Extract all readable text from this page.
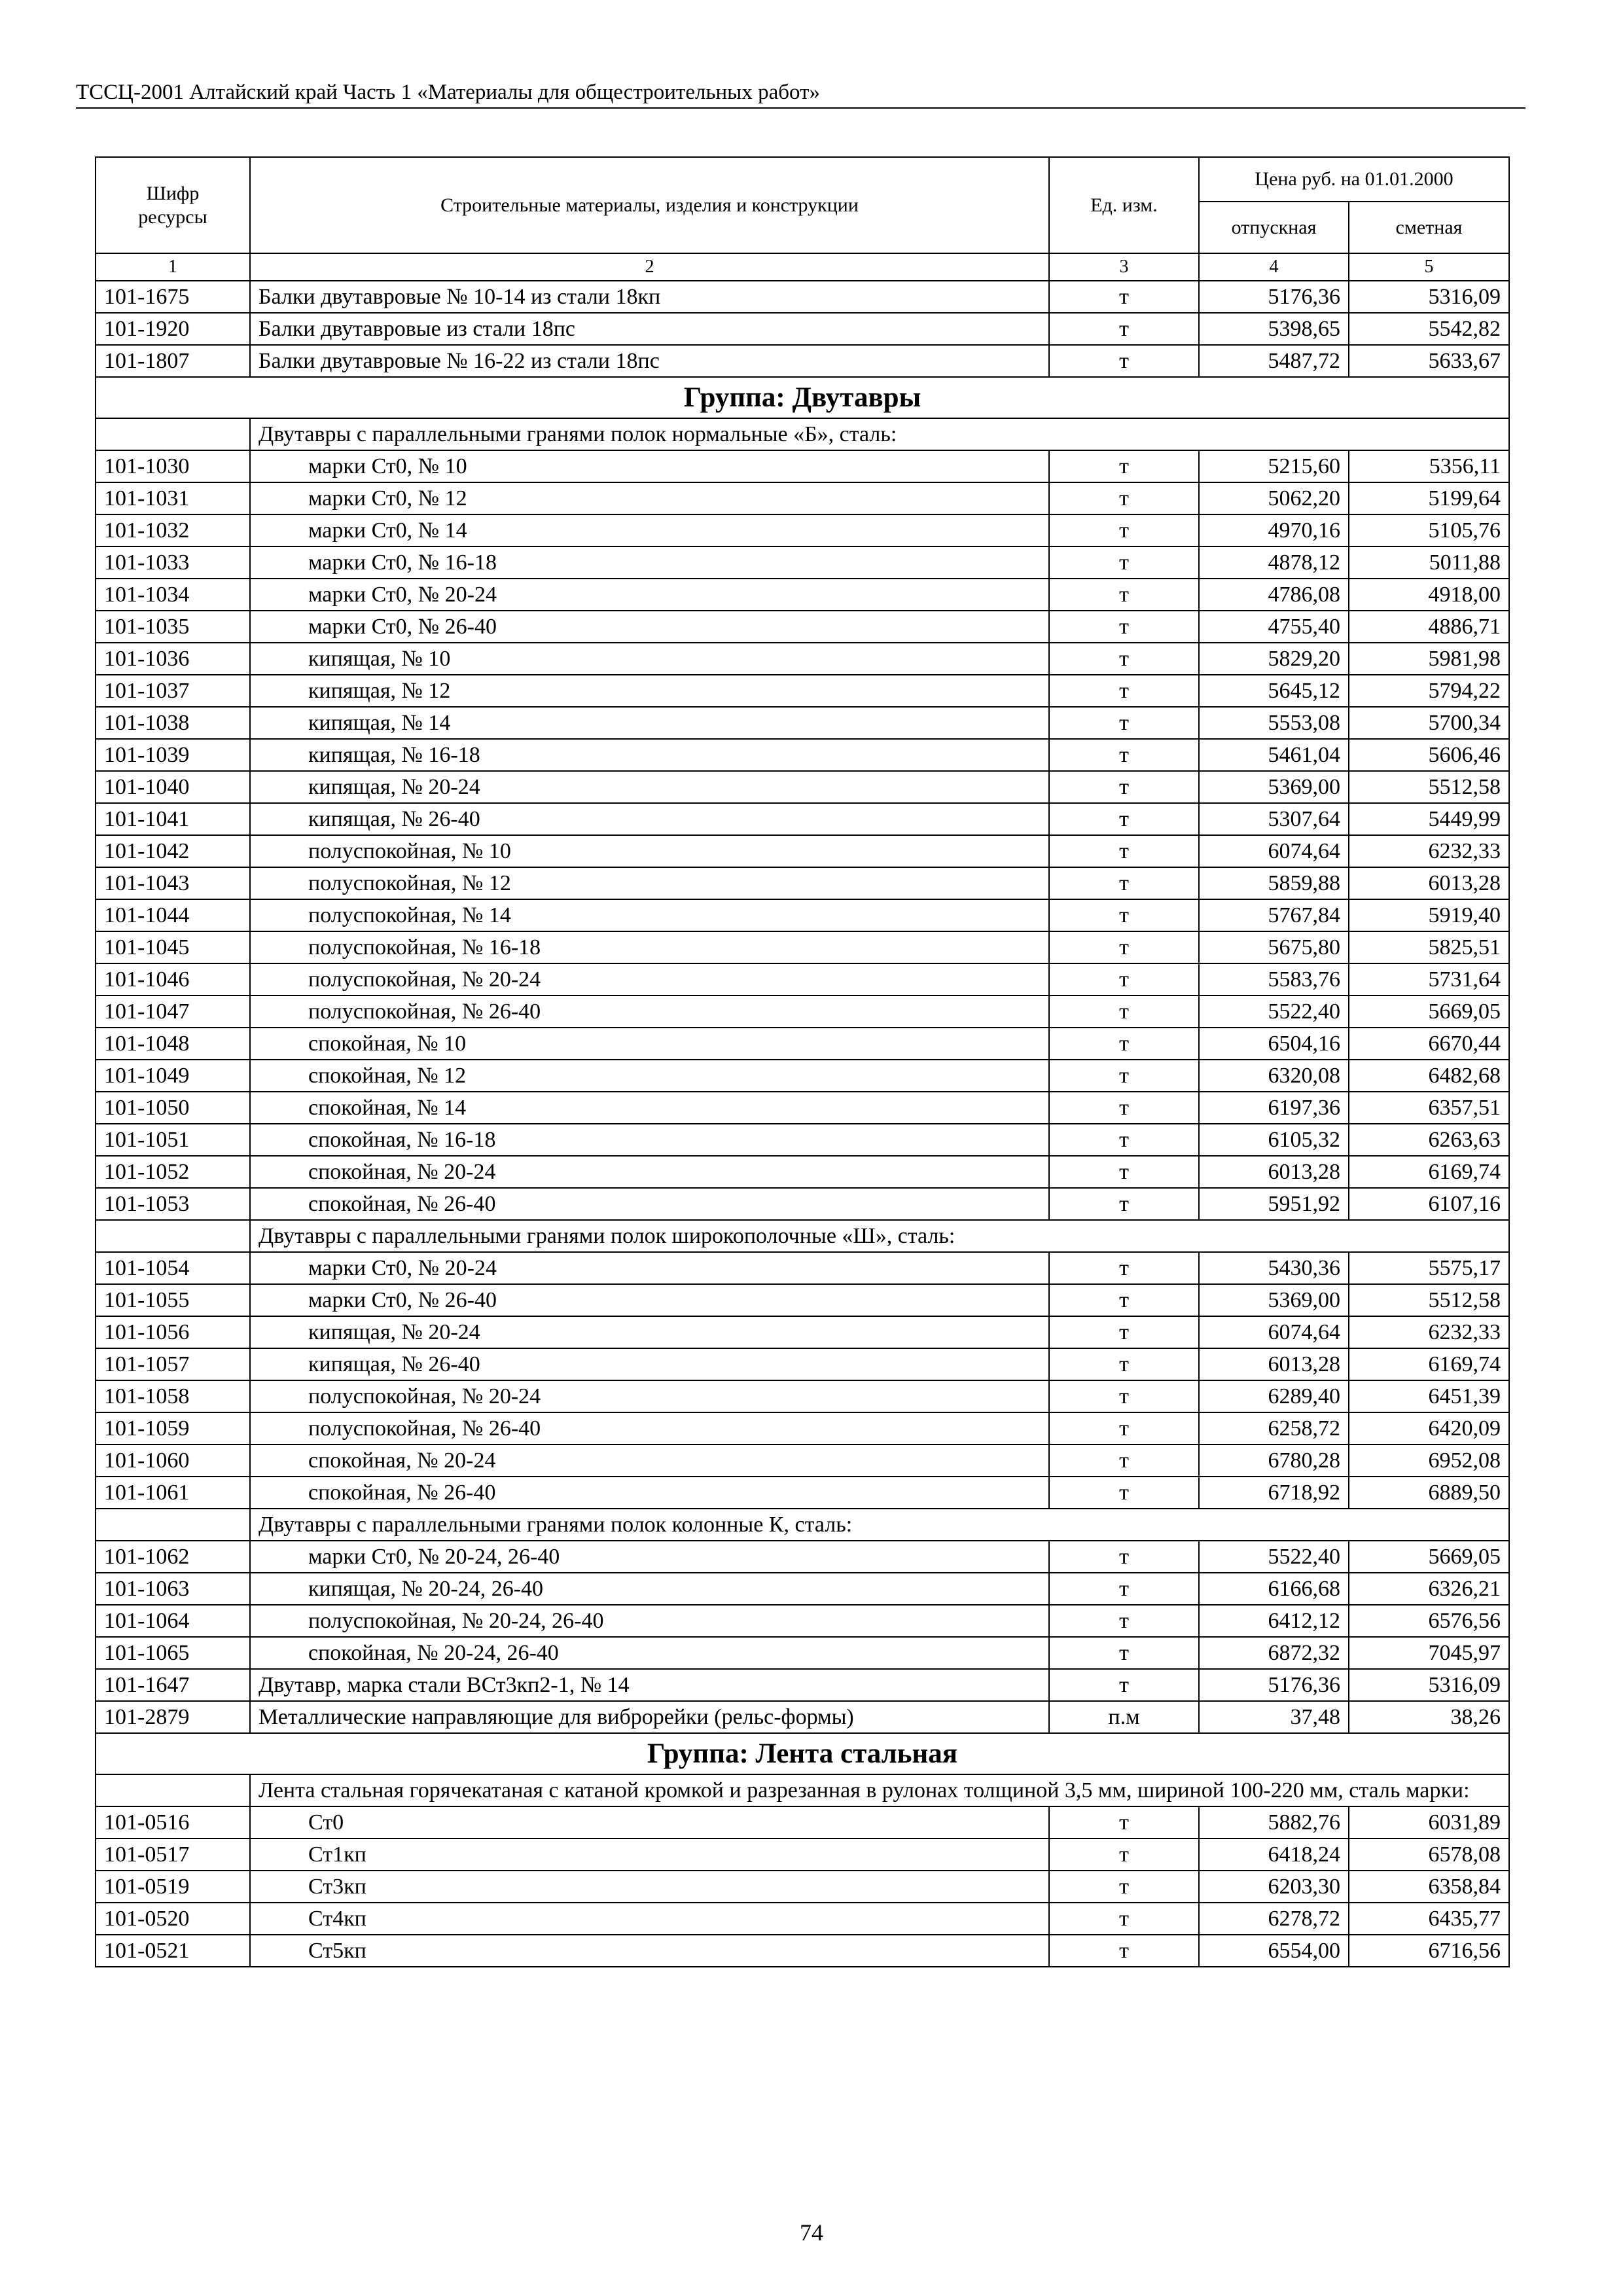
ТССЦ-2001 Алтайский край Часть 1 «Материалы для общестроительных работ»
Шифр ресурсы	Строительные материалы, изделия и конструкции	Ед. изм.	Цена руб. на 01.01.2000	
			отпускная	сметная
1	2	3	4	5
101-1675	Балки двутавровые № 10-14 из стали 18кп	т	5176,36	5316,09
101-1920	Балки двутавровые из стали 18пс	т	5398,65	5542,82
101-1807	Балки двутавровые № 16-22 из стали 18пс	т	5487,72	5633,67
Группа: Двутавры				
	Двутавры с параллельными гранями полок нормальные «Б», сталь:			
101-1030	марки Ст0, № 10	т	5215,60	5356,11
101-1031	марки Ст0, № 12	т	5062,20	5199,64
101-1032	марки Ст0, № 14	т	4970,16	5105,76
101-1033	марки Ст0, № 16-18	т	4878,12	5011,88
101-1034	марки Ст0, № 20-24	т	4786,08	4918,00
101-1035	марки Ст0, № 26-40	т	4755,40	4886,71
101-1036	кипящая, № 10	т	5829,20	5981,98
101-1037	кипящая, № 12	т	5645,12	5794,22
101-1038	кипящая, № 14	т	5553,08	5700,34
101-1039	кипящая, № 16-18	т	5461,04	5606,46
101-1040	кипящая, № 20-24	т	5369,00	5512,58
101-1041	кипящая, № 26-40	т	5307,64	5449,99
101-1042	полуспокойная, № 10	т	6074,64	6232,33
101-1043	полуспокойная, № 12	т	5859,88	6013,28
101-1044	полуспокойная, № 14	т	5767,84	5919,40
101-1045	полуспокойная, № 16-18	т	5675,80	5825,51
101-1046	полуспокойная, № 20-24	т	5583,76	5731,64
101-1047	полуспокойная, № 26-40	т	5522,40	5669,05
101-1048	спокойная, № 10	т	6504,16	6670,44
101-1049	спокойная, № 12	т	6320,08	6482,68
101-1050	спокойная, № 14	т	6197,36	6357,51
101-1051	спокойная, № 16-18	т	6105,32	6263,63
101-1052	спокойная, № 20-24	т	6013,28	6169,74
101-1053	спокойная, № 26-40	т	5951,92	6107,16
	Двутавры с параллельными гранями полок широкополочные «Ш», сталь:			
101-1054	марки Ст0, № 20-24	т	5430,36	5575,17
101-1055	марки Ст0, № 26-40	т	5369,00	5512,58
101-1056	кипящая, № 20-24	т	6074,64	6232,33
101-1057	кипящая, № 26-40	т	6013,28	6169,74
101-1058	полуспокойная, № 20-24	т	6289,40	6451,39
101-1059	полуспокойная, № 26-40	т	6258,72	6420,09
101-1060	спокойная, № 20-24	т	6780,28	6952,08
101-1061	спокойная, № 26-40	т	6718,92	6889,50
	Двутавры с параллельными гранями полок колонные К, сталь:			
101-1062	марки Ст0, № 20-24, 26-40	т	5522,40	5669,05
101-1063	кипящая, № 20-24, 26-40	т	6166,68	6326,21
101-1064	полуспокойная, № 20-24, 26-40	т	6412,12	6576,56
101-1065	спокойная, № 20-24, 26-40	т	6872,32	7045,97
101-1647	Двутавр, марка стали ВСт3кп2-1, № 14	т	5176,36	5316,09
101-2879	Металлические направляющие для виброрейки (рельс-формы)	п.м	37,48	38,26
Группа: Лента стальная				
	Лента стальная горячекатаная с катаной кромкой и разрезанная в рулонах толщиной 3,5 мм, шириной 100-220 мм, сталь марки:			
101-0516	Ст0	т	5882,76	6031,89
101-0517	Ст1кп	т	6418,24	6578,08
101-0519	Ст3кп	т	6203,30	6358,84
101-0520	Ст4кп	т	6278,72	6435,77
101-0521	Ст5кп	т	6554,00	6716,56
74
